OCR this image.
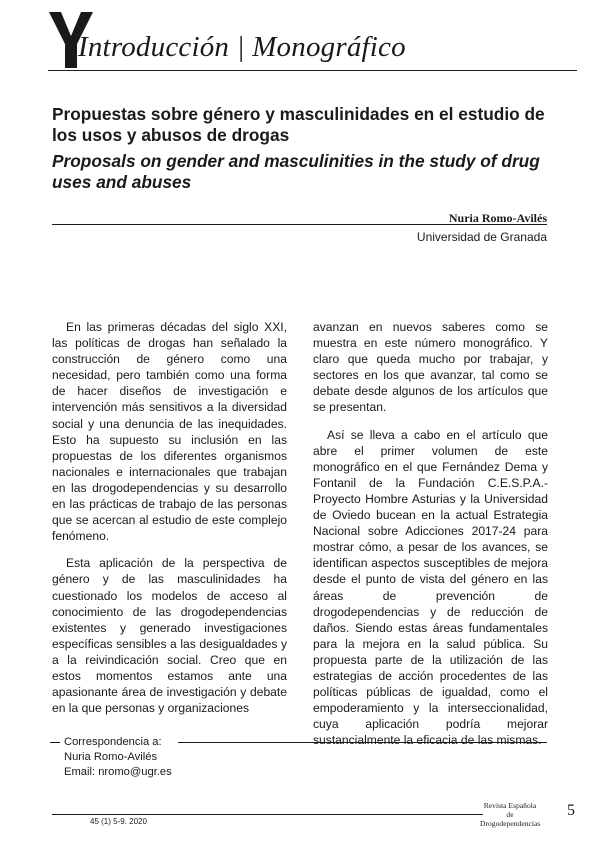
Introducción | Monográfico
Propuestas sobre género y masculinidades en el estudio de los usos y abusos de drogas
Proposals on gender and masculinities in the study of drug uses and abuses
Nuria Romo-Avilés
Universidad de Granada

En las primeras décadas del siglo XXI, las políticas de drogas han señalado la construcción de género como una necesidad, pero también como una forma de hacer diseños de investigación e intervención más sensitivos a la diversidad social y una denuncia de las inequidades. Esto ha supuesto su inclusión en las propuestas de los diferentes organismos nacionales e internacionales que trabajan en las drogodependencias y su desarrollo en las prácticas de trabajo de las personas que se acercan al estudio de este complejo fenómeno.

Esta aplicación de la perspectiva de género y de las masculinidades ha cuestionado los modelos de acceso al conocimiento de las drogodependencias existentes y generado investigaciones específicas sensibles a las desigualdades y a la reivindicación social. Creo que en estos momentos estamos ante una apasionante área de investigación y debate en la que personas y organizaciones

avanzan en nuevos saberes como se muestra en este número monográfico. Y claro que queda mucho por trabajar, y sectores en los que avanzar, tal como se debate desde algunos de los artículos que se presentan.

Así se lleva a cabo en el artículo que abre el primer volumen de este monográfico en el que Fernández Dema y Fontanil de la Fundación C.E.S.P.A.-Proyecto Hombre Asturias y la Universidad de Oviedo bucean en la actual Estrategia Nacional sobre Adicciones 2017-24 para mostrar cómo, a pesar de los avances, se identifican aspectos susceptibles de mejora desde el punto de vista del género en las áreas de prevención de drogodependencias y de reducción de daños. Siendo estas áreas fundamentales para la mejora en la salud pública. Su propuesta parte de la utilización de las estrategias de acción procedentes de las políticas públicas de igualdad, como el empoderamiento y la interseccionalidad, cuya aplicación podría mejorar sustancialmente la eficacia de las mismas.

Correspondencia a:
Nuria Romo-Avilés
Email: nromo@ugr.es
45 (1) 5-9. 2020
Revista Española de Drogodependencias
5
